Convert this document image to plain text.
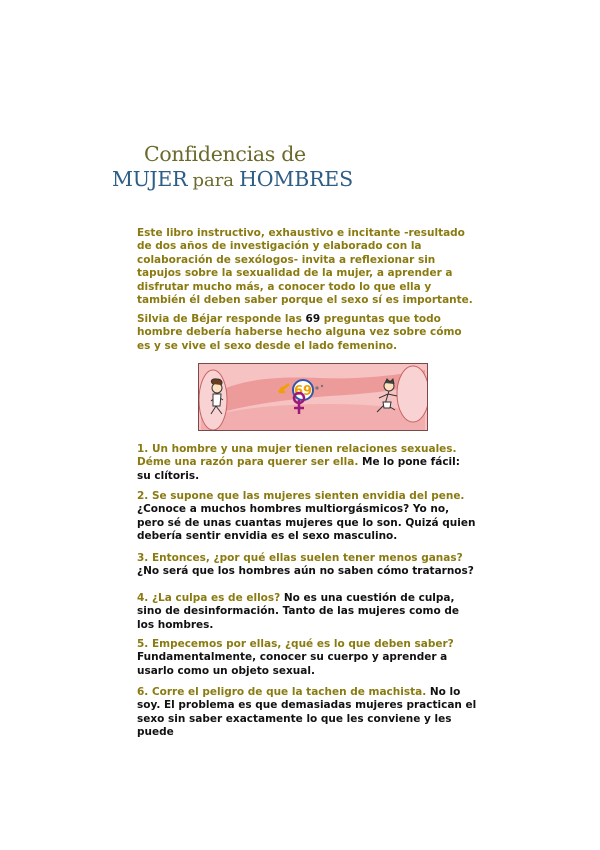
Confidencias de
MUJER para HOMBRES

Este libro instructivo, exhaustivo e incitante -resultado de dos años de investigación y elaborado con la colaboración de sexólogos- invita a reflexionar sin tapujos sobre la sexualidad de la mujer, a aprender a disfrutar mucho más, a conocer todo lo que ella y también él deben saber porque el sexo sí es importante.

Silvia de Béjar responde las 69 preguntas que todo hombre debería haberse hecho alguna vez sobre cómo es y se vive el sexo desde el lado femenino.

69

1. Un hombre y una mujer tienen relaciones sexuales. Déme una razón para querer ser ella. Me lo pone fácil: su clítoris.

2. Se supone que las mujeres sienten envidia del pene. ¿Conoce a muchos hombres multiorgásmicos? Yo no, pero sé de unas cuantas mujeres que lo son. Quizá quien debería sentir envidia es el sexo masculino.

3. Entonces, ¿por qué ellas suelen tener menos ganas? ¿No será que los hombres aún no saben cómo tratarnos?

4. ¿La culpa es de ellos? No es una cuestión de culpa, sino de desinformación. Tanto de las mujeres como de los hombres.

5. Empecemos por ellas, ¿qué es lo que deben saber? Fundamentalmente, conocer su cuerpo y aprender a usarlo como un objeto sexual.

6. Corre el peligro de que la tachen de machista. No lo soy. El problema es que demasiadas mujeres practican el sexo sin saber exactamente lo que les conviene y les puede
